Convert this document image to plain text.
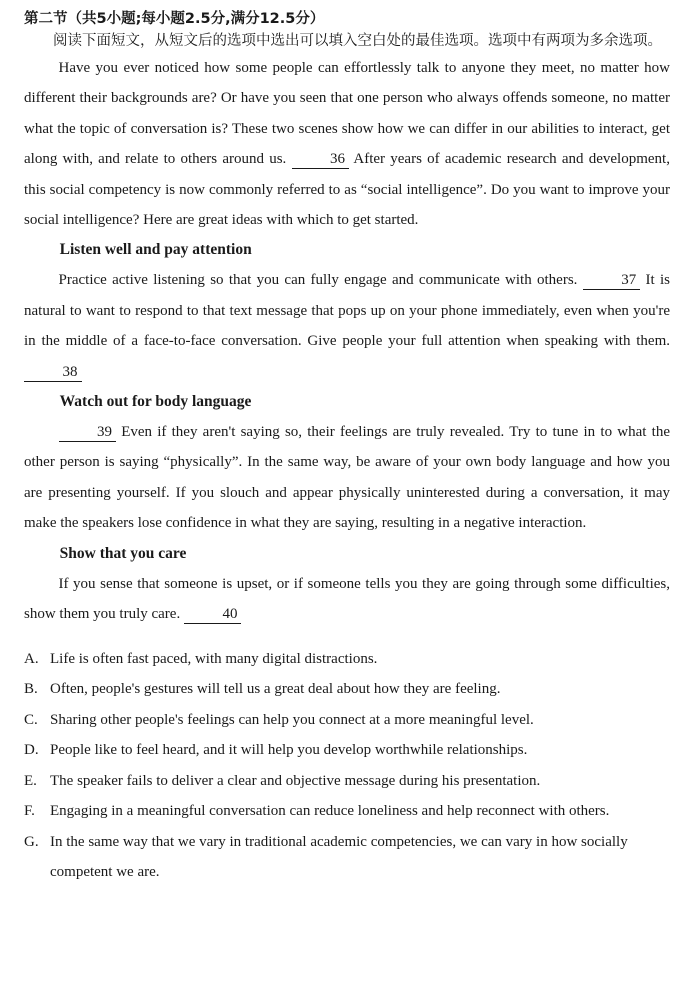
第二节（共5小题;每小题2.5分,满分12.5分）

阅读下面短文，从短文后的选项中选出可以填入空白处的最佳选项。选项中有两项为多余选项。

Have you ever noticed how some people can effortlessly talk to anyone they meet, no matter how different their backgrounds are? Or have you seen that one person who always offends someone, no matter what the topic of conversation is? These two scenes show how we can differ in our abilities to interact, get along with, and relate to others around us.	36 After years of academic research and development, this social competency is now commonly referred to as “social intelligence”. Do you want to improve your social intelligence? Here are great ideas with which to get started.

Listen well and pay attention

Practice active listening so that you can fully engage and communicate with others.	37 It is natural to want to respond to that text message that pops up on your phone immediately, even when you're in the middle of a face-to-face conversation. Give people your full attention when speaking with them. 38

Watch out for body language

39 Even if they aren't saying so, their feelings are truly revealed. Try to tune in to what the other person is saying “physically”. In the same way, be aware of your own body language and how you are presenting yourself. If you slouch and appear physically uninterested during a conversation, it may make the speakers lose confidence in what they are saying, resulting in a negative interaction.

Show that you care

If you sense that someone is upset, or if someone tells you they are going through some difficulties, show them you truly care.	40

A. Life is often fast paced, with many digital distractions.

B. Often, people's gestures will tell us a great deal about how they are feeling.

C. Sharing other people's feelings can help you connect at a more meaningful level.

D. People like to feel heard, and it will help you develop worthwhile relationships.

E. The speaker fails to deliver a clear and objective message during his presentation.

F.	Engaging in a meaningful conversation can reduce loneliness and help reconnect with others.

G. In the same way that we vary in traditional academic competencies, we can vary in how socially competent we are.
